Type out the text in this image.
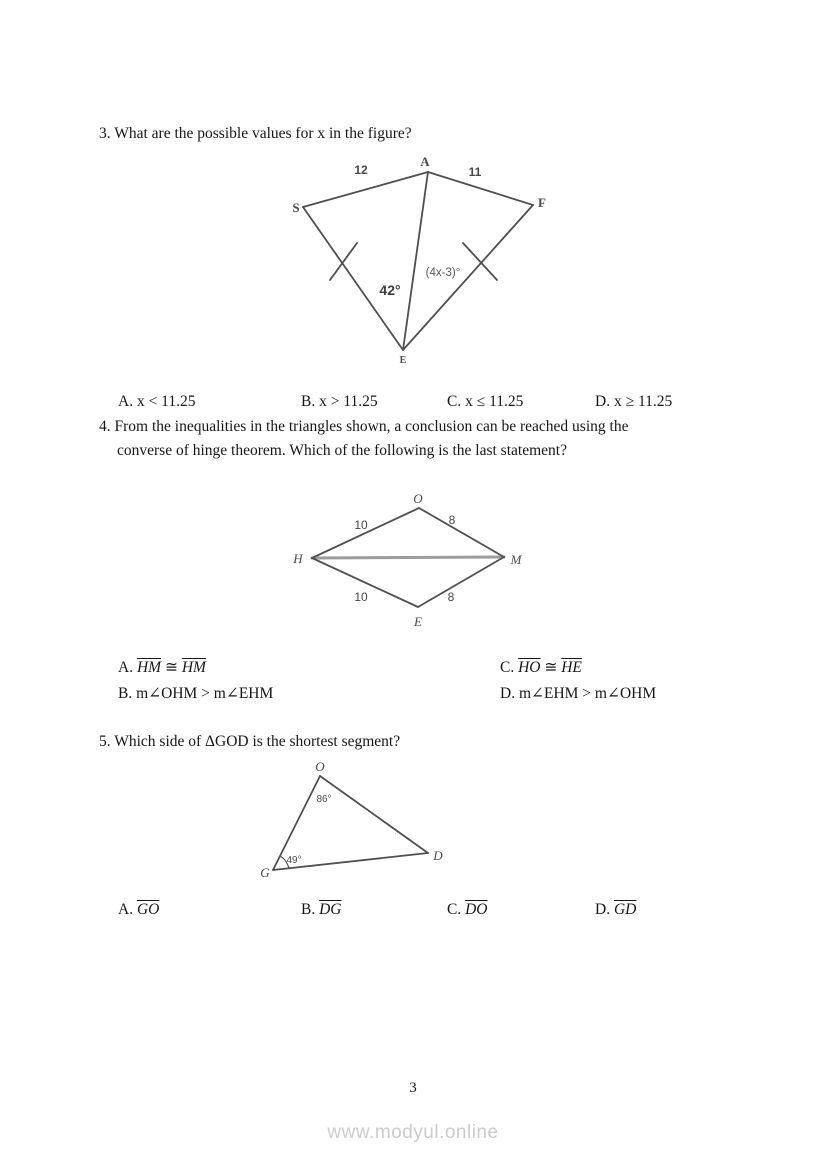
3. What are the possible values for x in the figure?
A
S	F
E
12	11
42°
(4x-3)°
A. x < 11.25	B. x > 11.25	C. x ≤ 11.25	D. x ≥ 11.25
4. From the inequalities in the triangles shown, a conclusion can be reached using the
converse of hinge theorem. Which of the following is the last statement?
H
O
M
E
10	8
10	8
A. $\overline{HM}$ ≅ $\overline{HM}$
B. m∠OHM > m∠EHM
C. $\overline{HO}$ ≅ $\overline{HE}$
D. m∠EHM > m∠OHM
5. Which side of ΔGOD is the shortest segment?
O
G
D
86°
49°
A. $\overline{GO}$	B. $\overline{DG}$	C. $\overline{DO}$	D. $\overline{GD}$
3
www.modyul.online
